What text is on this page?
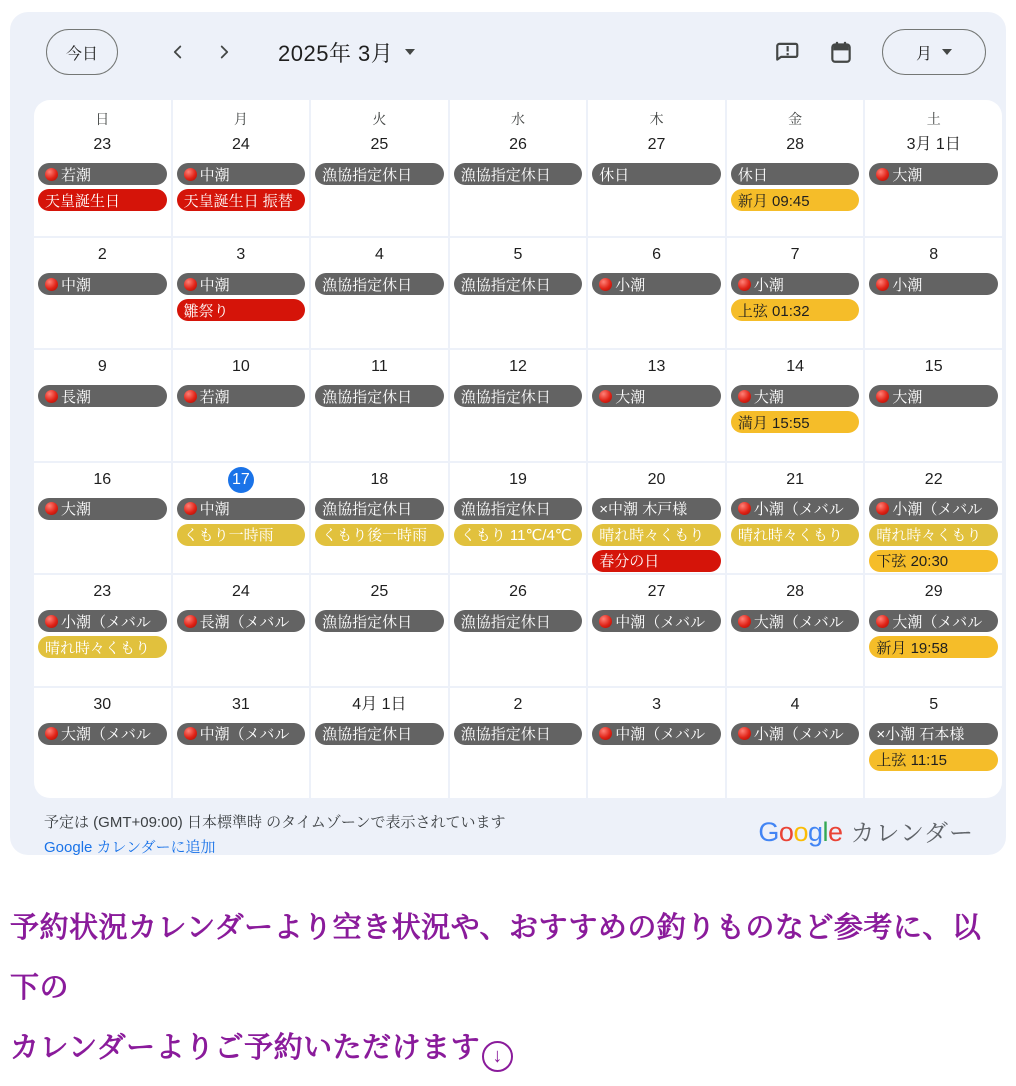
今日	2025年 3月	月
日
23
若潮
天皇誕生日
月
24
中潮
天皇誕生日 振替
火
25
漁協指定休日
水
26
漁協指定休日
木
27
休日
金
28
休日
新月 09:45
土
3月 1日
大潮
2
中潮
3
中潮
雛祭り
4
漁協指定休日
5
漁協指定休日
6
小潮
7
小潮
上弦 01:32
8
小潮
9
長潮
10
若潮
11
漁協指定休日
12
漁協指定休日
13
大潮
14
大潮
満月 15:55
15
大潮
16
大潮
17
中潮
くもり一時雨
18
漁協指定休日
くもり後一時雨
19
漁協指定休日
くもり 11℃/4℃
20
×中潮 木戸様
晴れ時々くもり
春分の日
21
小潮（メバル
晴れ時々くもり
22
小潮（メバル
晴れ時々くもり
下弦 20:30
23
小潮（メバル
晴れ時々くもり
24
長潮（メバル
25
漁協指定休日
26
漁協指定休日
27
中潮（メバル
28
大潮（メバル
29
大潮（メバル
新月 19:58
30
大潮（メバル
31
中潮（メバル
4月 1日
漁協指定休日
2
漁協指定休日
3
中潮（メバル
4
小潮（メバル
5
×小潮 石本様
上弦 11:15
予定は (GMT+09:00) 日本標準時 のタイムゾーンで表示されています
Google カレンダーに追加
Google カレンダー
予約状況カレンダーより空き状況や、おすすめの釣りものなど参考に、以下の
カレンダーよりご予約いただけます ↓
